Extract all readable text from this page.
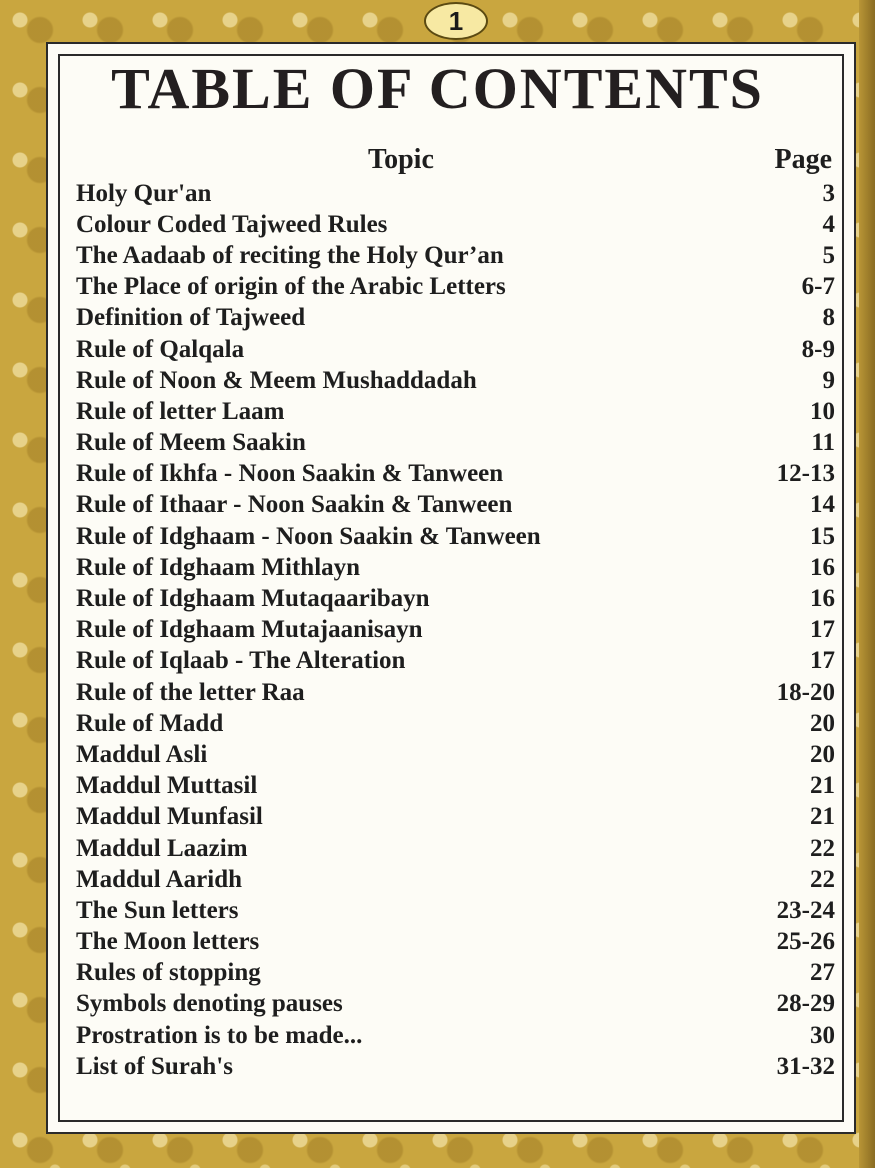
1
TABLE OF CONTENTS
Topic	Page
Holy Qur'an	3
Colour Coded Tajweed Rules	4
The Aadaab of reciting the Holy Qur’an	5
The Place of origin of the Arabic Letters	6-7
Definition of Tajweed	8
Rule of Qalqala	8-9
Rule of Noon & Meem Mushaddadah	9
Rule of letter Laam	10
Rule of Meem Saakin	11
Rule of Ikhfa - Noon Saakin & Tanween	12-13
Rule of Ithaar - Noon Saakin & Tanween	14
Rule of Idghaam - Noon Saakin & Tanween	15
Rule of Idghaam Mithlayn	16
Rule of Idghaam Mutaqaaribayn	16
Rule of Idghaam Mutajaanisayn	17
Rule of Iqlaab - The Alteration	17
Rule of the letter Raa	18-20
Rule of Madd	20
Maddul Asli	20
Maddul Muttasil	21
Maddul Munfasil	21
Maddul Laazim	22
Maddul Aaridh	22
The Sun letters	23-24
The Moon letters	25-26
Rules of stopping	27
Symbols denoting pauses	28-29
Prostration is to be made...	30
List of Surah's	31-32
